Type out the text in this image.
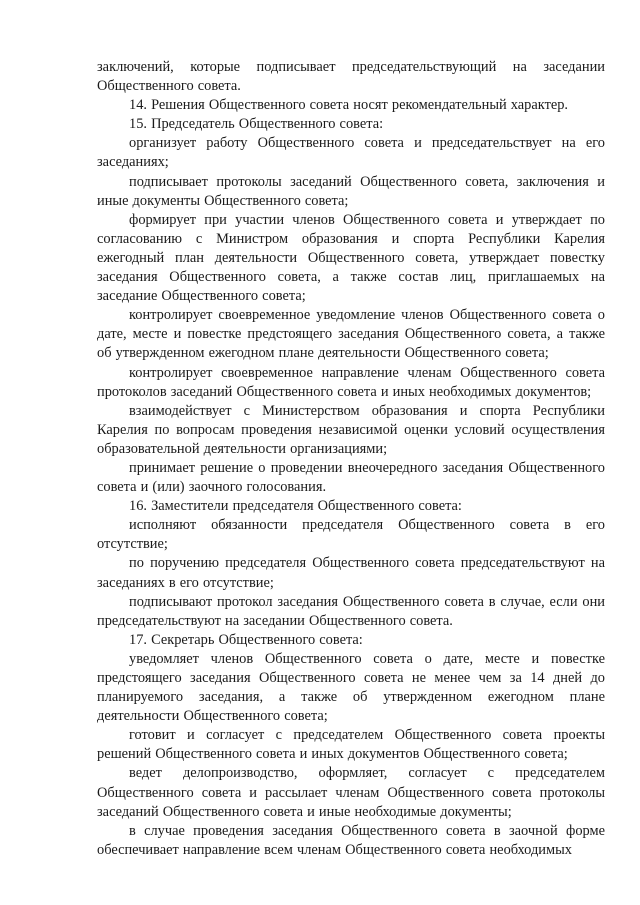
заключений, которые подписывает председательствующий на заседании Общественного совета.

14. Решения Общественного совета носят рекомендательный характер.

15. Председатель Общественного совета:

организует работу Общественного совета и председательствует на его заседаниях;

подписывает протоколы заседаний Общественного совета, заключения и иные документы Общественного совета;

формирует при участии членов Общественного совета и утверждает по согласованию с Министром образования и спорта Республики Карелия ежегодный план деятельности Общественного совета, утверждает повестку заседания Общественного совета, а также состав лиц, приглашаемых на заседание Общественного совета;

контролирует своевременное уведомление членов Общественного совета о дате, месте и повестке предстоящего заседания Общественного совета, а также об утвержденном ежегодном плане деятельности Общественного совета;

контролирует своевременное направление членам Общественного совета протоколов заседаний Общественного совета и иных необходимых документов;

взаимодействует с Министерством образования и спорта Республики Карелия по вопросам проведения независимой оценки условий осуществления образовательной деятельности организациями;

принимает решение о проведении внеочередного заседания Общественного совета и (или) заочного голосования.

16. Заместители председателя Общественного совета:

исполняют обязанности председателя Общественного совета в его отсутствие;

по поручению председателя Общественного совета председательствуют на заседаниях в его отсутствие;

подписывают протокол заседания Общественного совета в случае, если они председательствуют на заседании Общественного совета.

17. Секретарь Общественного совета:

уведомляет членов Общественного совета о дате, месте и повестке предстоящего заседания Общественного совета не менее чем за 14 дней до планируемого заседания, а также об утвержденном ежегодном плане деятельности Общественного совета;

готовит и согласует с председателем Общественного совета проекты решений Общественного совета и иных документов Общественного совета;

ведет делопроизводство, оформляет, согласует с председателем Общественного совета и рассылает членам Общественного совета протоколы заседаний Общественного совета и иные необходимые документы;

в случае проведения заседания Общественного совета в заочной форме обеспечивает направление всем членам Общественного совета необходимых
